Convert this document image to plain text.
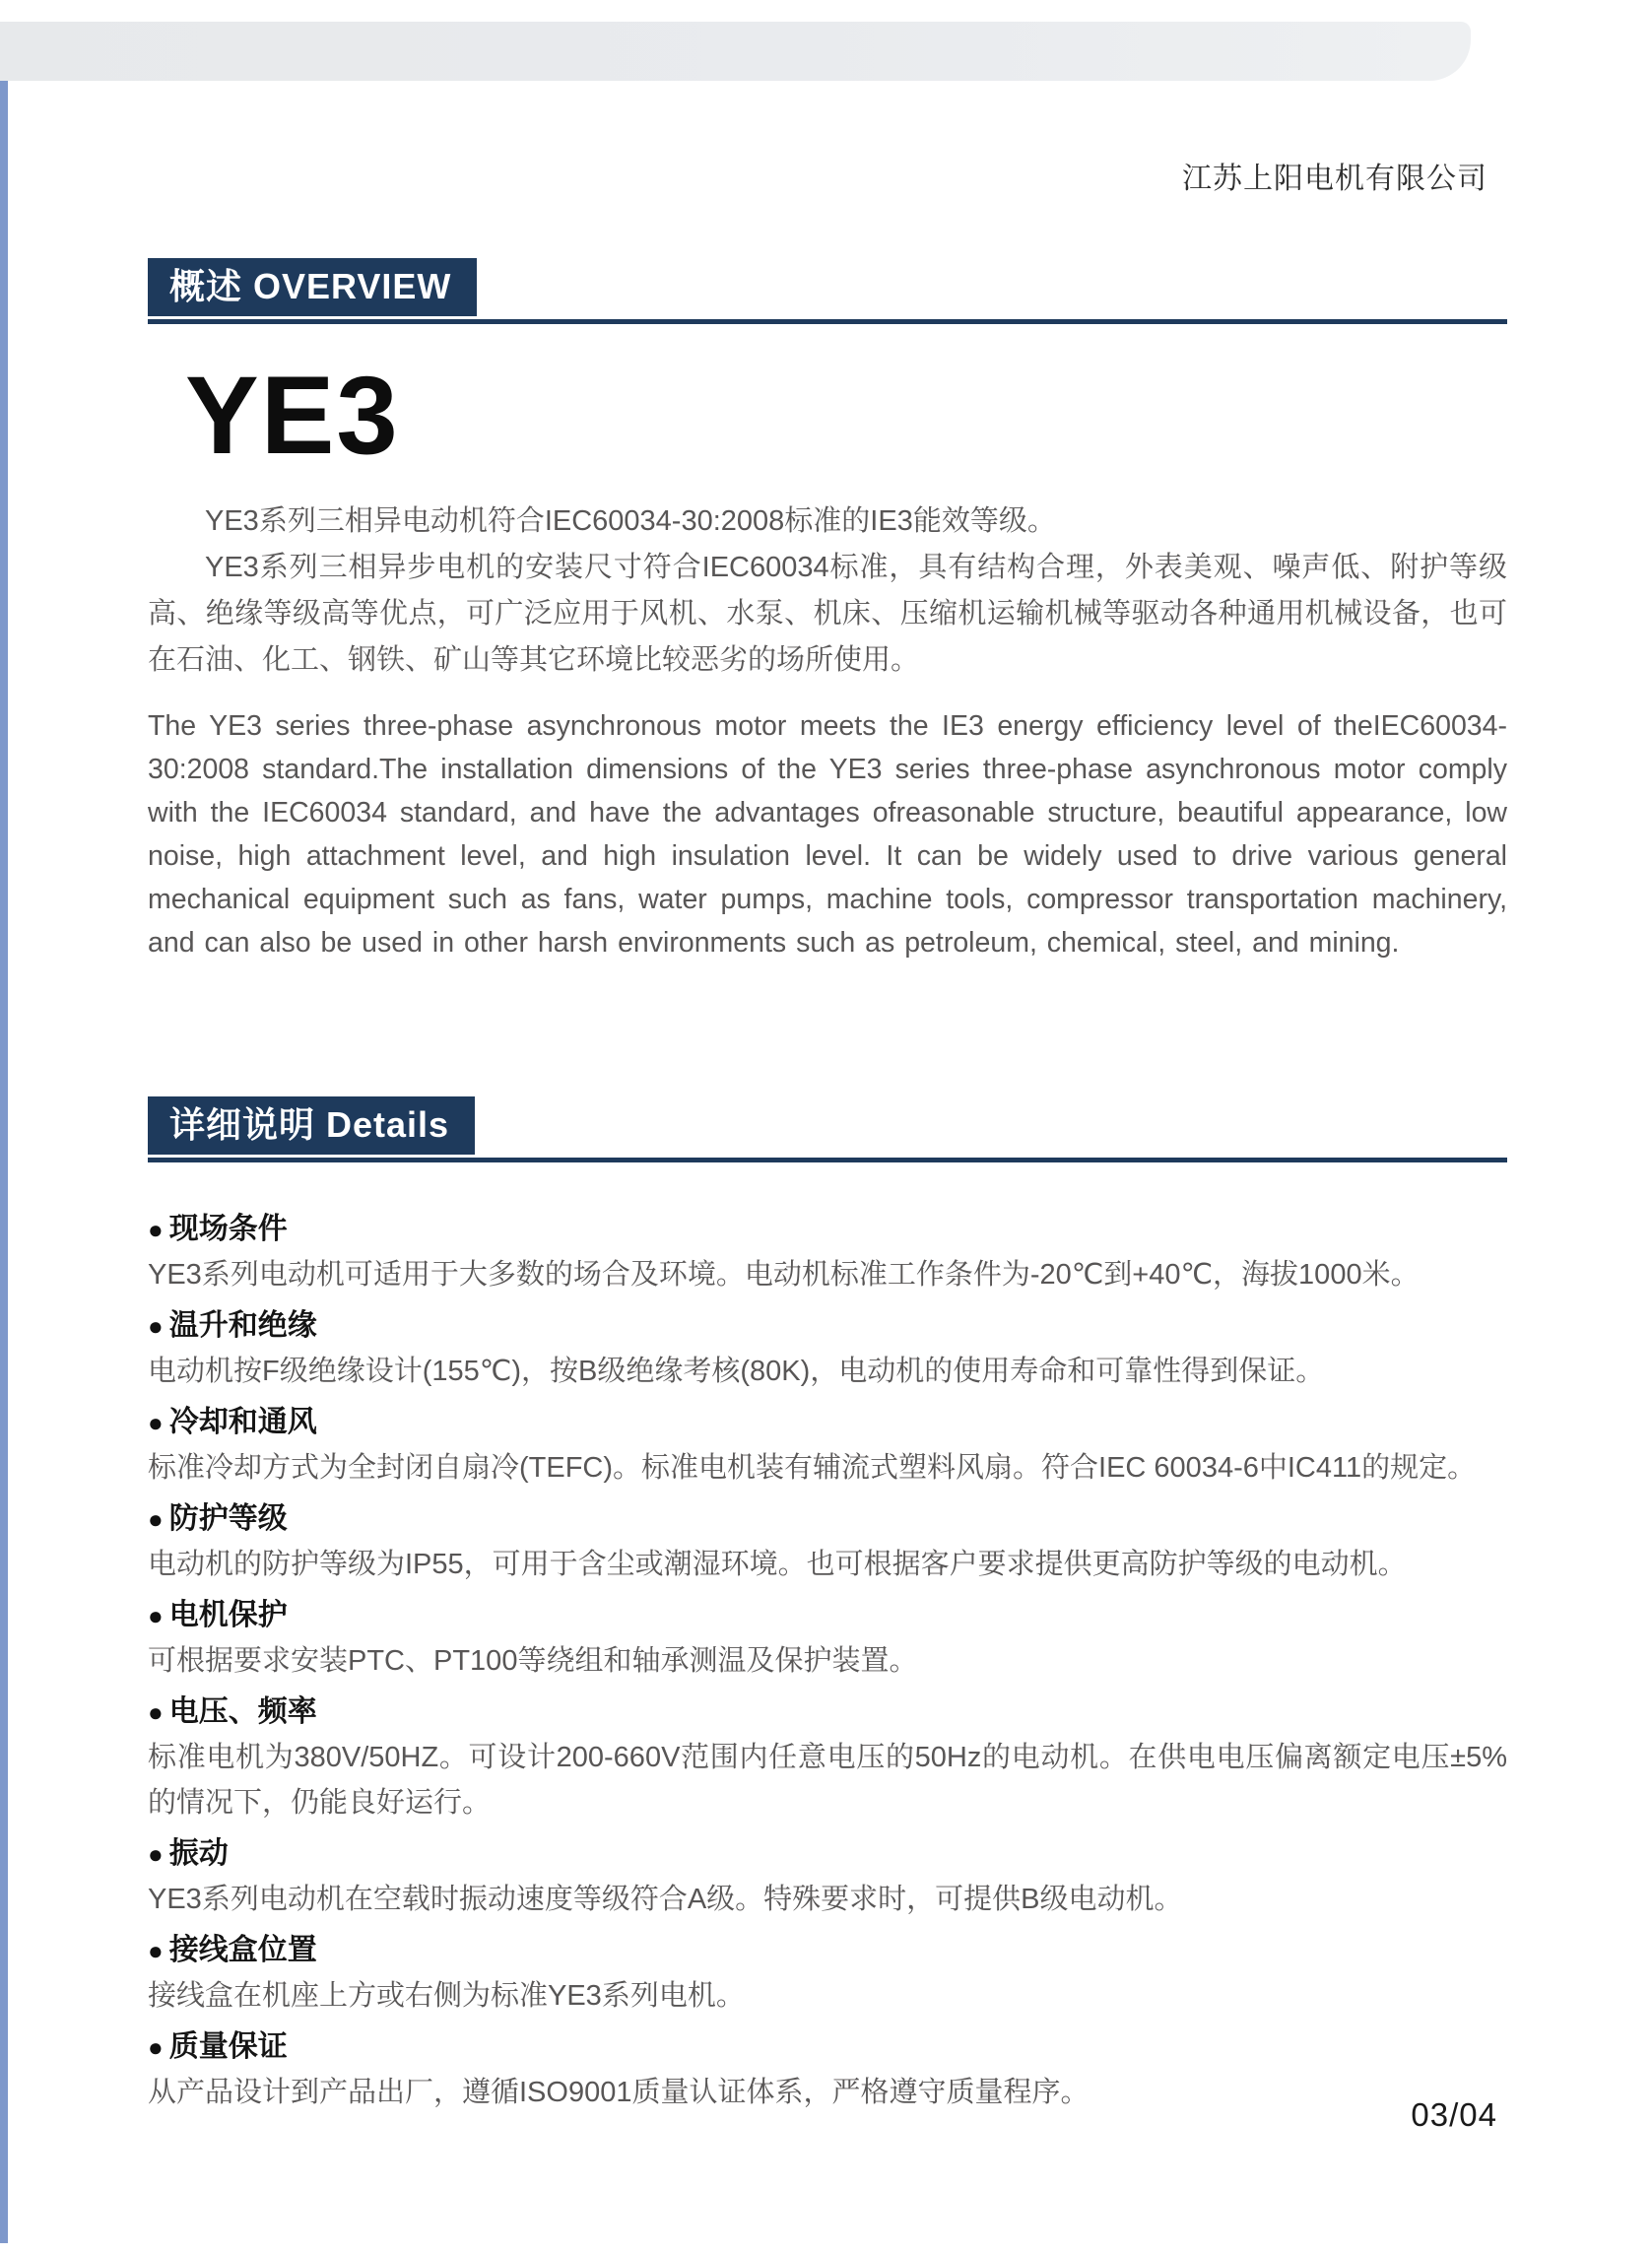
江苏上阳电机有限公司
概述 OVERVIEW
YE3

YE3系列三相异电动机符合IEC60034-30:2008标准的IE3能效等级。

YE3系列三相异步电机的安装尺寸符合IEC60034标准，具有结构合理，外表美观、噪声低、附护等级高、绝缘等级高等优点，可广泛应用于风机、水泵、机床、压缩机运输机械等驱动各种通用机械设备，也可在石油、化工、钢铁、矿山等其它环境比较恶劣的场所使用。

The YE3 series three-phase asynchronous motor meets the IE3 energy efficiency level of theIEC60034-30:2008 standard.The installation dimensions of the YE3 series three-phase asynchronous motor comply with the IEC60034 standard, and have the advantages ofreasonable structure, beautiful appearance, low noise, high attachment level, and high insulation level. It can be widely used to drive various general mechanical equipment such as fans, water pumps, machine tools, compressor transportation machinery, and can also be used in other harsh environments such as petroleum, chemical, steel, and mining.

详细说明 Details
● 现场条件

YE3系列电动机可适用于大多数的场合及环境。电动机标准工作条件为-20℃到+40℃，海拔1000米。

● 温升和绝缘

电动机按F级绝缘设计(155℃)，按B级绝缘考核(80K)，电动机的使用寿命和可靠性得到保证。

● 冷却和通风

标准冷却方式为全封闭自扇冷(TEFC)。标准电机装有辅流式塑料风扇。符合IEC 60034-6中IC411的规定。

● 防护等级

电动机的防护等级为IP55，可用于含尘或潮湿环境。也可根据客户要求提供更高防护等级的电动机。

● 电机保护

可根据要求安装PTC、PT100等绕组和轴承测温及保护装置。

● 电压、频率

标准电机为380V/50HZ。可设计200-660V范围内任意电压的50Hz的电动机。在供电电压偏离额定电压±5%的情况下，仍能良好运行。

● 振动

YE3系列电动机在空载时振动速度等级符合A级。特殊要求时，可提供B级电动机。

● 接线盒位置

接线盒在机座上方或右侧为标准YE3系列电机。

● 质量保证

从产品设计到产品出厂，遵循ISO9001质量认证体系，严格遵守质量程序。

03/04
